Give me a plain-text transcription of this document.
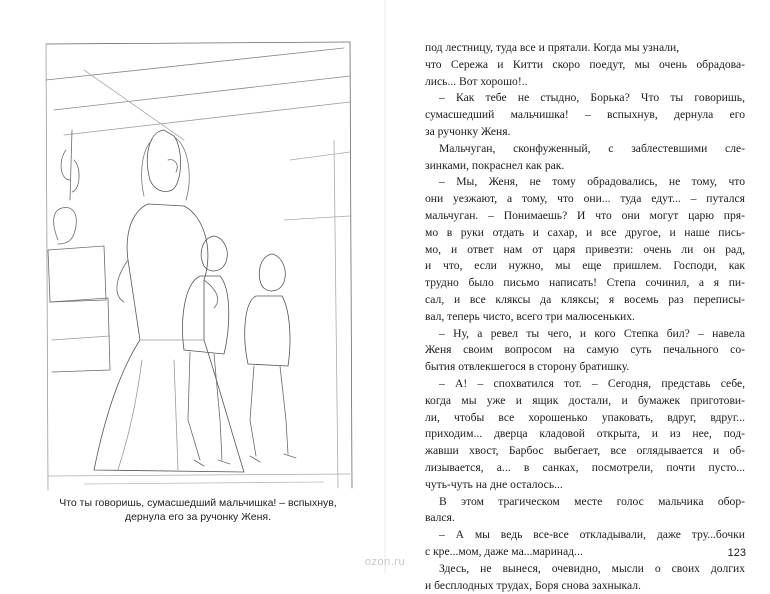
Что ты говоришь, сумасшедший мальчишка! – вспыхнув,
дернула его за ручонку Женя.
под лестницу, туда все и прятали. Когда мы узнали,
что Сережа и Китти скоро поедут, мы очень обрадова-
лись... Вот хорошо!..
– Как тебе не стыдно, Борька? Что ты говоришь,
сумасшедший мальчишка! – вспыхнув, дернула его
за ручонку Женя.
Мальчуган, сконфуженный, с заблестевшими сле-
зинками, покраснел как рак.
– Мы, Женя, не тому обрадовались, не тому, что
они уезжают, а тому, что они... туда едут... – путался
мальчуган. – Понимаешь? И что они могут царю пря-
мо в руки отдать и сахар, и все другое, и наше пись-
мо, и ответ нам от царя привезти: очень ли он рад,
и что, если нужно, мы еще пришлем. Господи, как
трудно было письмо написать! Степа сочинил, а я пи-
сал, и все кляксы да кляксы; я восемь раз переписы-
вал, теперь чисто, всего три малюсеньких.
– Ну, а ревел ты чего, и кого Степка бил? – навела
Женя своим вопросом на самую суть печального со-
бытия отвлекшегося в сторону братишку.
– А! – спохватился тот. – Сегодня, представь себе,
когда мы уже и ящик достали, и бумажек приготови-
ли, чтобы все хорошенько упаковать, вдруг, вдруг...
приходим... дверца кладовой открыта, и из нее, под-
жавши хвост, Барбос выбегает, все оглядывается и об-
лизывается, а... в санках, посмотрели, почти пусто...
чуть-чуть на дне осталось...
В этом трагическом месте голос мальчика обор-
вался.
– А мы ведь все-все откладывали, даже тру...бочки
с кре...мом, даже ма...маринад...
Здесь, не вынеся, очевидно, мысли о своих долгих
и бесплодных трудах, Боря снова захныкал.
123
ozon.ru
